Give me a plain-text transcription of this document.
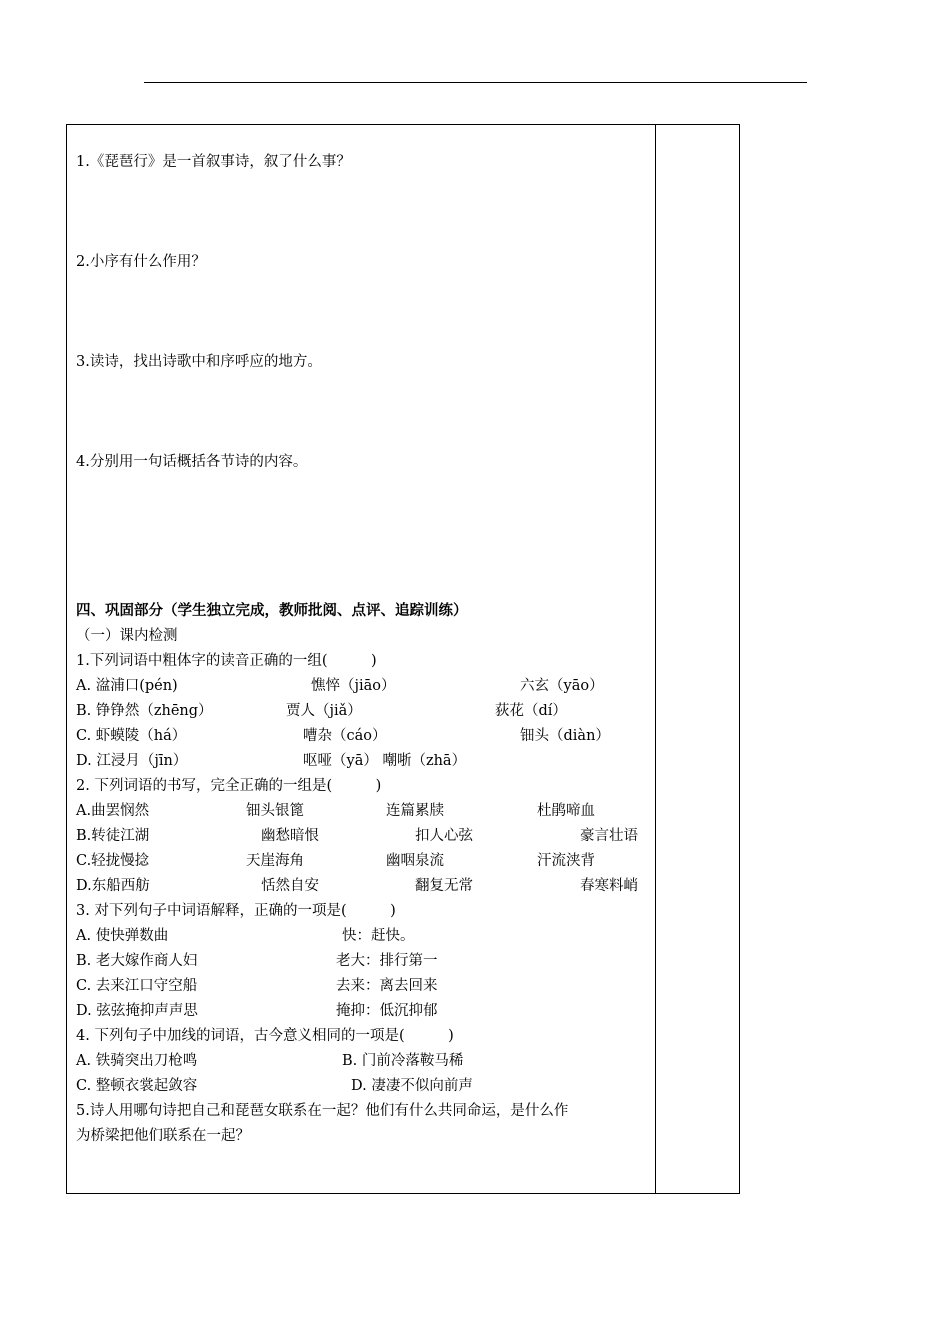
1.《琵琶行》是一首叙事诗，叙了什么事？
2.小序有什么作用？
3.读诗，找出诗歌中和序呼应的地方。
4.分别用一句话概括各节诗的内容。
四、巩固部分（学生独立完成，教师批阅、点评、追踪训练）
（一）课内检测
1.下列词语中粗体字的读音正确的一组(　　　)
A. 湓浦口(pén)	憔悴（jiāo）	六玄（yāo）
B. 铮铮然（zhēng）	贾人（jiǎ）	荻花（dí）
C. 虾蟆陵（há）	嘈杂（cáo）	钿头（diàn）
D. 江浸月（jīn）	呕哑（yā） 嘲哳（zhā）
2. 下列词语的书写，完全正确的一组是(　　　)
A.曲罢悯然	钿头银篦	连篇累牍	杜鹃啼血
B.转徒江湖	幽愁暗恨	扣人心弦	豪言壮语
C.轻拢慢捻	天崖海角	幽咽泉流	汗流浃背
D.东船西舫	恬然自安	翻复无常	春寒料峭
3. 对下列句子中词语解释，正确的一项是(　　　)
A. 使快弹数曲	快：赶快。
B. 老大嫁作商人妇	老大：排行第一
C. 去来江口守空船	去来：离去回来
D. 弦弦掩抑声声思	掩抑：低沉抑郁
4. 下列句子中加线的词语，古今意义相同的一项是(　　　)
A. 铁骑突出刀枪鸣	B. 门前冷落鞍马稀
C. 整顿衣裳起敛容	D. 凄凄不似向前声
5.诗人用哪句诗把自己和琵琶女联系在一起？他们有什么共同命运，是什么作
为桥梁把他们联系在一起？
